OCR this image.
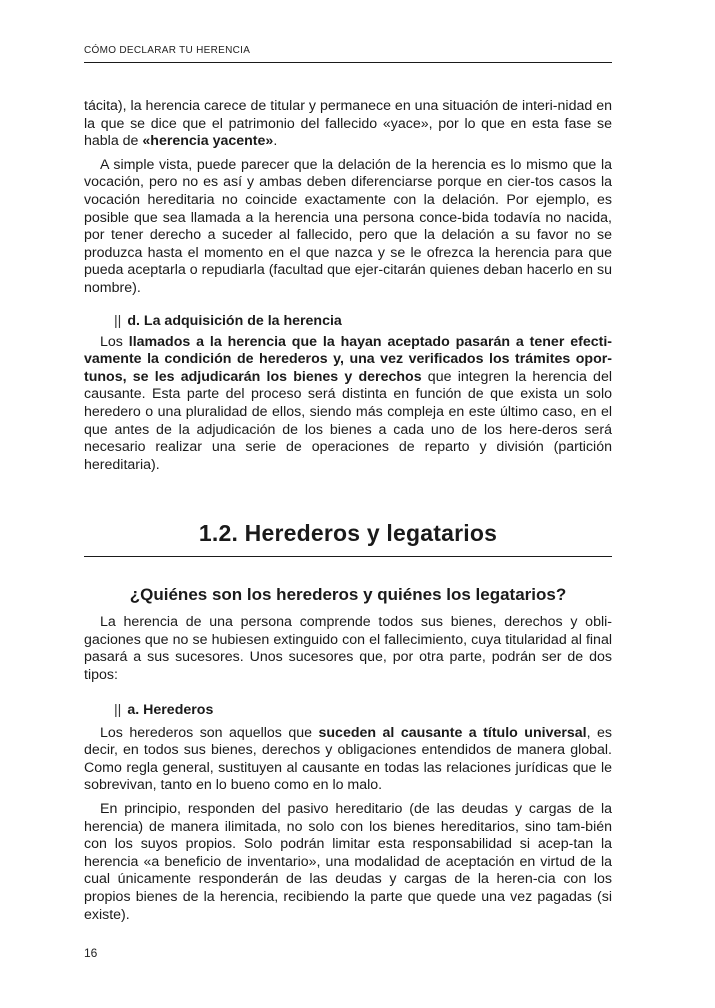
CÓMO DECLARAR TU HERENCIA

tácita), la herencia carece de titular y permanece en una situación de interi-nidad en la que se dice que el patrimonio del fallecido «yace», por lo que en esta fase se habla de «herencia yacente».

A simple vista, puede parecer que la delación de la herencia es lo mismo que la vocación, pero no es así y ambas deben diferenciarse porque en cier-tos casos la vocación hereditaria no coincide exactamente con la delación. Por ejemplo, es posible que sea llamada a la herencia una persona conce-bida todavía no nacida, por tener derecho a suceder al fallecido, pero que la delación a su favor no se produzca hasta el momento en el que nazca y se le ofrezca la herencia para que pueda aceptarla o repudiarla (facultad que ejer-citarán quienes deban hacerlo en su nombre).

|| d. La adquisición de la herencia

Los llamados a la herencia que la hayan aceptado pasarán a tener efecti-vamente la condición de herederos y, una vez verificados los trámites opor-tunos, se les adjudicarán los bienes y derechos que integren la herencia del causante. Esta parte del proceso será distinta en función de que exista un solo heredero o una pluralidad de ellos, siendo más compleja en este último caso, en el que antes de la adjudicación de los bienes a cada uno de los here-deros será necesario realizar una serie de operaciones de reparto y división (partición hereditaria).

1.2. Herederos y legatarios
¿Quiénes son los herederos y quiénes los legatarios?

La herencia de una persona comprende todos sus bienes, derechos y obli-gaciones que no se hubiesen extinguido con el fallecimiento, cuya titularidad al final pasará a sus sucesores. Unos sucesores que, por otra parte, podrán ser de dos tipos:

|| a. Herederos

Los herederos son aquellos que suceden al causante a título universal, es decir, en todos sus bienes, derechos y obligaciones entendidos de manera global. Como regla general, sustituyen al causante en todas las relaciones jurídicas que le sobrevivan, tanto en lo bueno como en lo malo.

En principio, responden del pasivo hereditario (de las deudas y cargas de la herencia) de manera ilimitada, no solo con los bienes hereditarios, sino tam-bién con los suyos propios. Solo podrán limitar esta responsabilidad si acep-tan la herencia «a beneficio de inventario», una modalidad de aceptación en virtud de la cual únicamente responderán de las deudas y cargas de la heren-cia con los propios bienes de la herencia, recibiendo la parte que quede una vez pagadas (si existe).

16
